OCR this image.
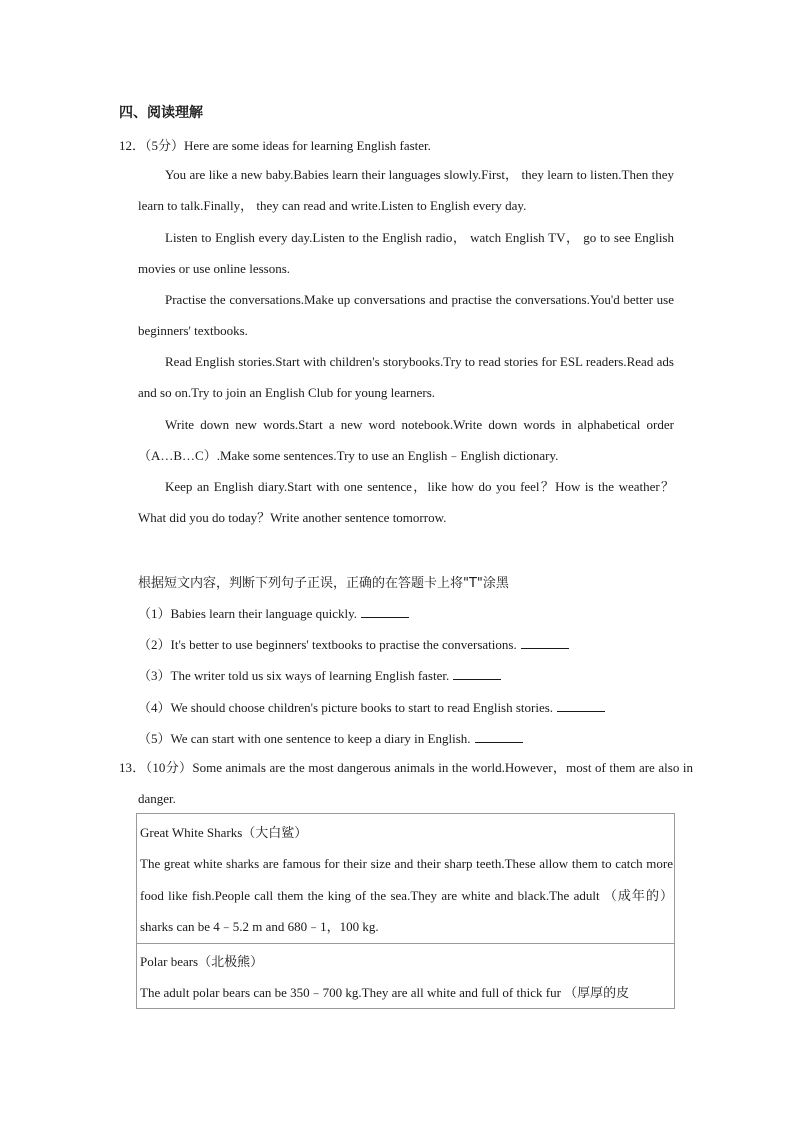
四、阅读理解
12．（5分）Here are some ideas for learning English faster.
You are like a new baby.Babies learn their languages slowly.First， they learn to listen.Then they learn to talk.Finally， they can read and write.Listen to English every day.
Listen to English every day.Listen to the English radio， watch English TV， go to see English movies or use online lessons.
Practise the conversations.Make up conversations and practise the conversations.You'd better use beginners' textbooks.
Read English stories.Start with children's storybooks.Try to read stories for ESL readers.Read ads and so on.Try to join an English Club for young learners.
Write down new words.Start a new word notebook.Write down words in alphabetical order（A…B…C）.Make some sentences.Try to use an English﹣English dictionary.
Keep an English diary.Start with one sentence，like how do you feel？How is the weather？What did you do today？Write another sentence tomorrow.
根据短文内容，判断下列句子正误，正确的在答题卡上将"T"涂黑
（1）Babies learn their language quickly.
（2）It's better to use beginners' textbooks to practise the conversations.
（3）The writer told us six ways of learning English faster.
（4）We should choose children's picture books to start to read English stories.
（5）We can start with one sentence to keep a diary in English.
13．（10分）Some animals are the most dangerous animals in the world.However，most of them are also in danger.
Great White Sharks（大白鲨）
The great white sharks are famous for their size and their sharp teeth.These allow them to catch more food like fish.People call them the king of the sea.They are white and black.The adult （成年的） sharks can be 4﹣5.2 m and 680﹣1，100 kg.
Polar bears（北极熊）
The adult polar bears can be 350﹣700 kg.They are all white and full of thick fur （厚厚的皮
